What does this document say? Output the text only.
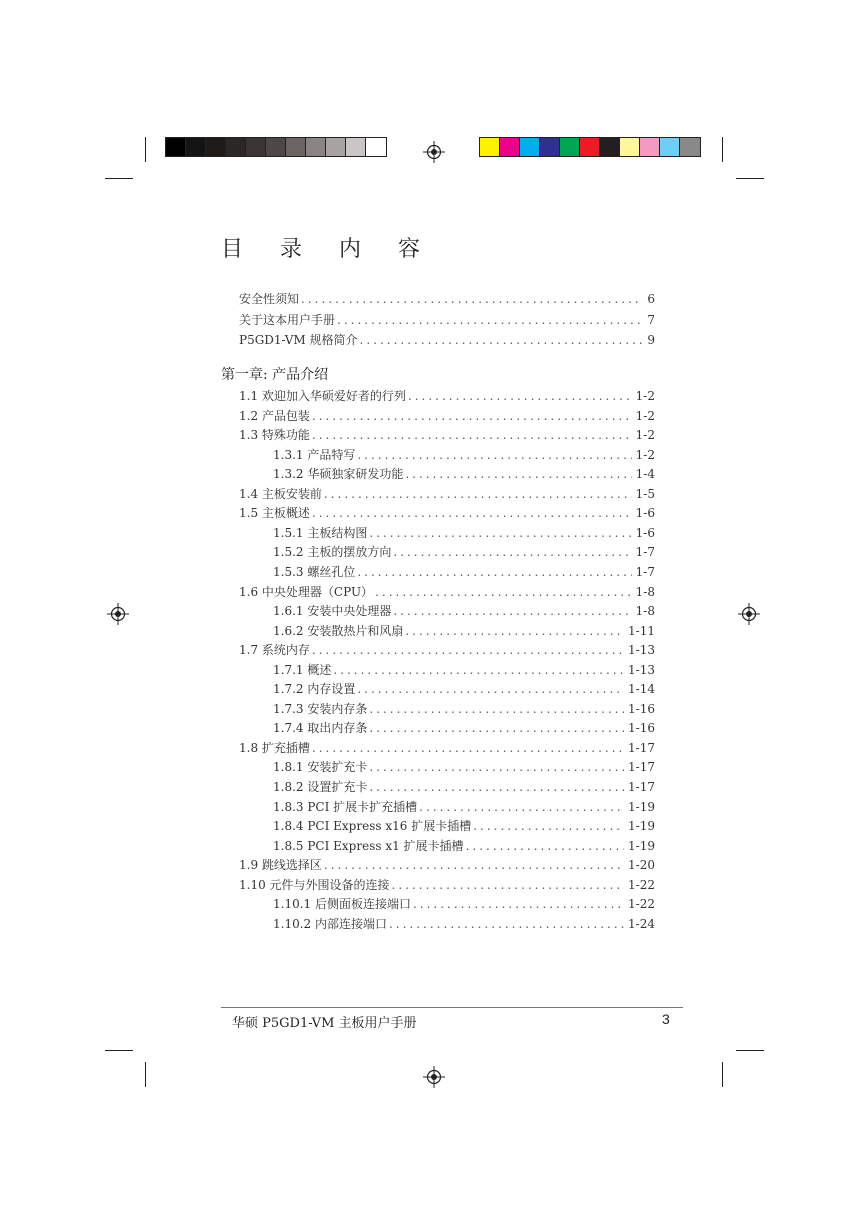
目 录 内 容
安全性须知 .....	6
关于这本用户手册 .....	7
P5GD1-VM 规格简介 .....	9
1.1 欢迎加入华硕爱好者的行列 .....	1-2
1.2 产品包装 .....	1-2
1.3 特殊功能 .....	1-2
1.3.1 产品特写 .....	1-2
1.3.2 华硕独家研发功能 .....	1-4
1.4 主板安装前 .....	1-5
1.5 主板概述 .....	1-6
1.5.1 主板结构图 .....	1-6
1.5.2 主板的摆放方向 .....	1-7
1.5.3 螺丝孔位 .....	1-7
1.6 中央处理器（CPU） .....	1-8
1.6.1 安装中央处理器 .....	1-8
1.6.2 安装散热片和风扇 .....	1-11
1.7 系统内存 .....	1-13
1.7.1 概述 .....	1-13
1.7.2 内存设置 .....	1-14
1.7.3 安装内存条 .....	1-16
1.7.4 取出内存条 .....	1-16
1.8 扩充插槽 .....	1-17
1.8.1 安装扩充卡 .....	1-17
1.8.2 设置扩充卡 .....	1-17
1.8.3 PCI 扩展卡扩充插槽 .....	1-19
1.8.4 PCI Express x16 扩展卡插槽 .....	1-19
1.8.5 PCI Express x1 扩展卡插槽 .....	1-19
1.9 跳线选择区 .....	1-20
1.10 元件与外围设备的连接 .....	1-22
1.10.1 后侧面板连接端口 .....	1-22
1.10.2 内部连接端口 .....	1-24
第一章: 产品介绍
华硕 P5GD1-VM 主板用户手册	3
